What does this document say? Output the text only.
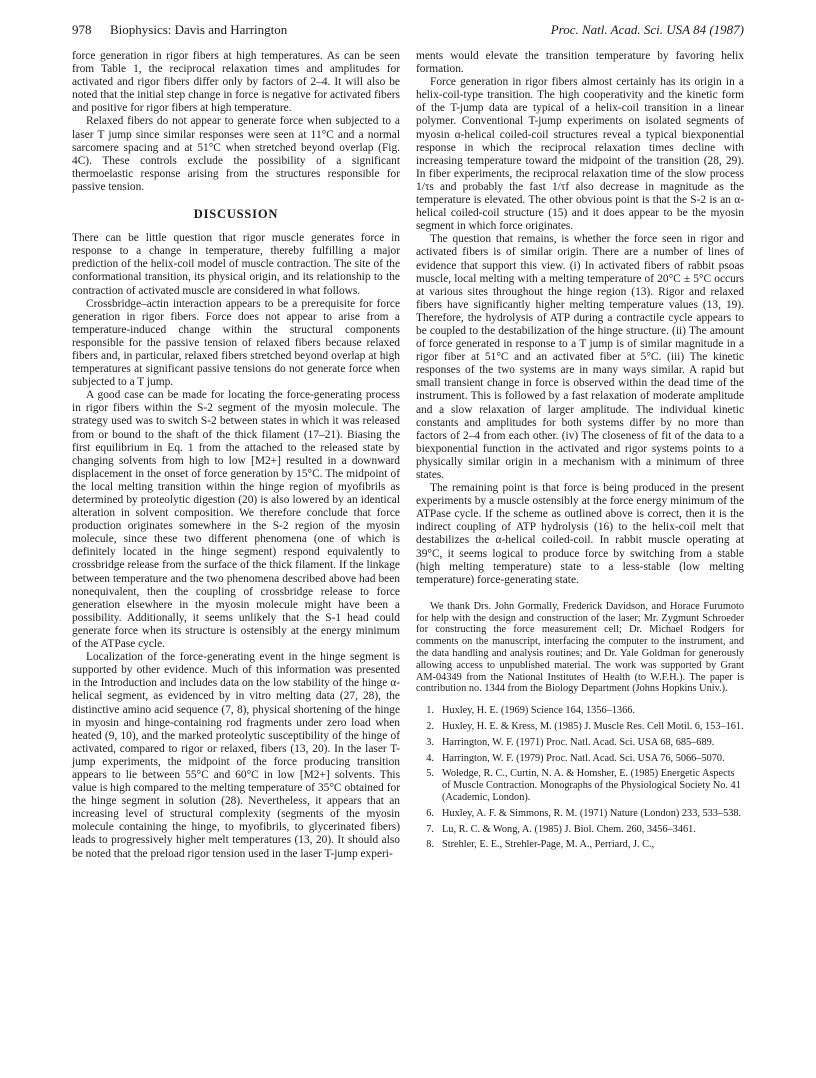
978 Biophysics: Davis and Harrington	Proc. Natl. Acad. Sci. USA 84 (1987)

force generation in rigor fibers at high temperatures. As can be seen from Table 1, the reciprocal relaxation times and amplitudes for activated and rigor fibers differ only by factors of 2–4. It will also be noted that the initial step change in force is negative for activated fibers and positive for rigor fibers at high temperature.

Relaxed fibers do not appear to generate force when subjected to a laser T jump since similar responses were seen at 11°C and a normal sarcomere spacing and at 51°C when stretched beyond overlap (Fig. 4C). These controls exclude the possibility of a significant thermoelastic response arising from the structures responsible for passive tension.

DISCUSSION

There can be little question that rigor muscle generates force in response to a change in temperature, thereby fulfilling a major prediction of the helix-coil model of muscle contraction. The site of the conformational transition, its physical origin, and its relationship to the contraction of activated muscle are considered in what follows.

Crossbridge–actin interaction appears to be a prerequisite for force generation in rigor fibers. Force does not appear to arise from a temperature-induced change within the structural components responsible for the passive tension of relaxed fibers because relaxed fibers and, in particular, relaxed fibers stretched beyond overlap at high temperatures at significant passive tensions do not generate force when subjected to a T jump.

A good case can be made for locating the force-generating process in rigor fibers within the S-2 segment of the myosin molecule. The strategy used was to switch S-2 between states in which it was released from or bound to the shaft of the thick filament (17–21). Biasing the first equilibrium in Eq. 1 from the attached to the released state by changing solvents from high to low [M2+] resulted in a downward displacement in the onset of force generation by 15°C. The midpoint of the local melting transition within the hinge region of myofibrils as determined by proteolytic digestion (20) is also lowered by an identical alteration in solvent composition. We therefore conclude that force production originates somewhere in the S-2 region of the myosin molecule, since these two different phenomena (one of which is definitely located in the hinge segment) respond equivalently to crossbridge release from the surface of the thick filament. If the linkage between temperature and the two phenomena described above had been nonequivalent, then the coupling of crossbridge release to force generation elsewhere in the myosin molecule might have been a possibility. Additionally, it seems unlikely that the S-1 head could generate force when its structure is ostensibly at the energy minimum of the ATPase cycle.

Localization of the force-generating event in the hinge segment is supported by other evidence. Much of this information was presented in the Introduction and includes data on the low stability of the hinge α-helical segment, as evidenced by in vitro melting data (27, 28), the distinctive amino acid sequence (7, 8), physical shortening of the hinge in myosin and hinge-containing rod fragments under zero load when heated (9, 10), and the marked proteolytic susceptibility of the hinge of activated, compared to rigor or relaxed, fibers (13, 20). In the laser T-jump experiments, the midpoint of the force producing transition appears to lie between 55°C and 60°C in low [M2+] solvents. This value is high compared to the melting temperature of 35°C obtained for the hinge segment in solution (28). Nevertheless, it appears that an increasing level of structural complexity (segments of the myosin molecule containing the hinge, to myofibrils, to glycerinated fibers) leads to progressively higher melt temperatures (13, 20). It should also be noted that the preload rigor tension used in the laser T-jump experi-

ments would elevate the transition temperature by favoring helix formation.

Force generation in rigor fibers almost certainly has its origin in a helix-coil-type transition. The high cooperativity and the kinetic form of the T-jump data are typical of a helix-coil transition in a linear polymer. Conventional T-jump experiments on isolated segments of myosin α-helical coiled-coil structures reveal a typical biexponential response in which the reciprocal relaxation times decline with increasing temperature toward the midpoint of the transition (28, 29). In fiber experiments, the reciprocal relaxation time of the slow process 1/τs and probably the fast 1/τf also decrease in magnitude as the temperature is elevated. The other obvious point is that the S-2 is an α-helical coiled-coil structure (15) and it does appear to be the myosin segment in which force originates.

The question that remains, is whether the force seen in rigor and activated fibers is of similar origin. There are a number of lines of evidence that support this view. (i) In activated fibers of rabbit psoas muscle, local melting with a melting temperature of 20°C ± 5°C occurs at various sites throughout the hinge region (13). Rigor and relaxed fibers have significantly higher melting temperature values (13, 19). Therefore, the hydrolysis of ATP during a contractile cycle appears to be coupled to the destabilization of the hinge structure. (ii) The amount of force generated in response to a T jump is of similar magnitude in a rigor fiber at 51°C and an activated fiber at 5°C. (iii) The kinetic responses of the two systems are in many ways similar. A rapid but small transient change in force is observed within the dead time of the instrument. This is followed by a fast relaxation of moderate amplitude and a slow relaxation of larger amplitude. The individual kinetic constants and amplitudes for both systems differ by no more than factors of 2–4 from each other. (iv) The closeness of fit of the data to a biexponential function in the activated and rigor systems points to a physically similar origin in a mechanism with a minimum of three states.

The remaining point is that force is being produced in the present experiments by a muscle ostensibly at the force energy minimum of the ATPase cycle. If the scheme as outlined above is correct, then it is the indirect coupling of ATP hydrolysis (16) to the helix-coil melt that destabilizes the α-helical coiled-coil. In rabbit muscle operating at 39°C, it seems logical to produce force by switching from a stable (high melting temperature) state to a less-stable (low melting temperature) force-generating state.

We thank Drs. John Gormally, Frederick Davidson, and Horace Furumoto for help with the design and construction of the laser; Mr. Zygmunt Schroeder for constructing the force measurement cell; Dr. Michael Rodgers for comments on the manuscript, interfacing the computer to the instrument, and the data handling and analysis routines; and Dr. Yale Goldman for generously allowing access to unpublished material. The work was supported by Grant AM-04349 from the National Institutes of Health (to W.F.H.). The paper is contribution no. 1344 from the Biology Department (Johns Hopkins Univ.).

1. Huxley, H. E. (1969) Science 164, 1356–1366.
2. Huxley, H. E. & Kress, M. (1985) J. Muscle Res. Cell Motil. 6, 153–161.
3. Harrington, W. F. (1971) Proc. Natl. Acad. Sci. USA 68, 685–689.
4. Harrington, W. F. (1979) Proc. Natl. Acad. Sci. USA 76, 5066–5070.
5. Woledge, R. C., Curtin, N. A. & Homsher, E. (1985) Energetic Aspects of Muscle Contraction. Monographs of the Physiological Society No. 41 (Academic, London).
6. Huxley, A. F. & Simmons, R. M. (1971) Nature (London) 233, 533–538.
7. Lu, R. C. & Wong, A. (1985) J. Biol. Chem. 260, 3456–3461.
8. Strehler, E. E., Strehler-Page, M. A., Perriard, J. C.,
